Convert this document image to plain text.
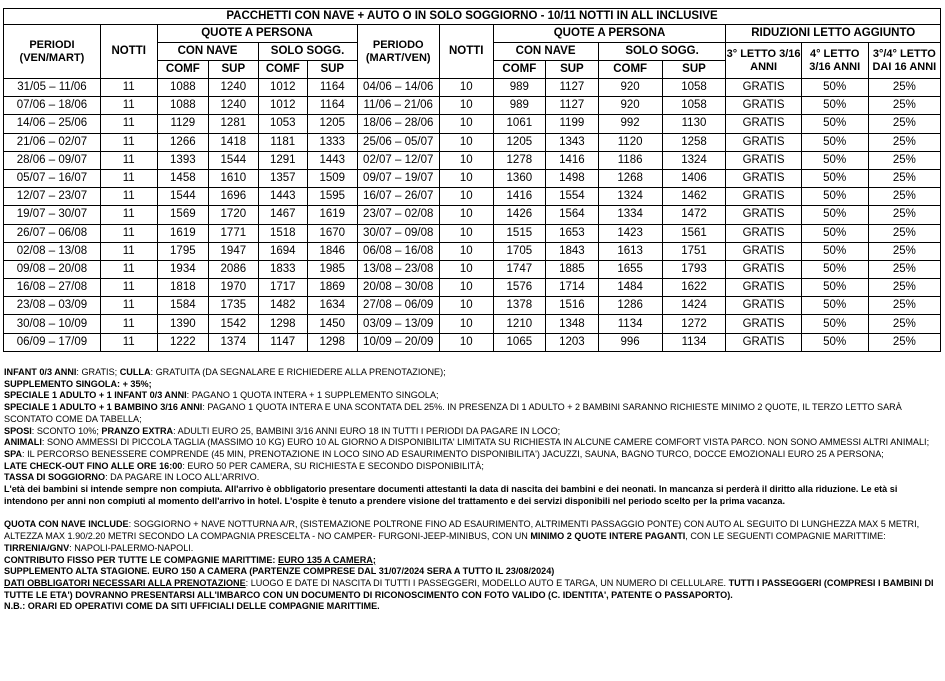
PACCHETTI CON NAVE + AUTO O IN SOLO SOGGIORNO - 10/11 NOTTI IN ALL INCLUSIVE														
PERIODI (VEN/MART)	NOTTI	QUOTE A PERSONA				PERIODO (MART/VEN)	NOTTI	QUOTE A PERSONA				RIDUZIONI LETTO AGGIUNTO		
		CON NAVE		SOLO SOGG.				CON NAVE		SOLO SOGG.		3° LETTO 3/16 ANNI	4° LETTO 3/16 ANNI	3°/4° LETTO DAI 16 ANNI
		COMF	SUP	COMF	SUP			COMF	SUP	COMF	SUP			
31/05 – 11/06	11	1088	1240	1012	1164	04/06 – 14/06	10	989	1127	920	1058	GRATIS	50%	25%
07/06 – 18/06	11	1088	1240	1012	1164	11/06 – 21/06	10	989	1127	920	1058	GRATIS	50%	25%
14/06 – 25/06	11	1129	1281	1053	1205	18/06 – 28/06	10	1061	1199	992	1130	GRATIS	50%	25%
21/06 – 02/07	11	1266	1418	1181	1333	25/06 – 05/07	10	1205	1343	1120	1258	GRATIS	50%	25%
28/06 – 09/07	11	1393	1544	1291	1443	02/07 – 12/07	10	1278	1416	1186	1324	GRATIS	50%	25%
05/07 – 16/07	11	1458	1610	1357	1509	09/07 – 19/07	10	1360	1498	1268	1406	GRATIS	50%	25%
12/07 – 23/07	11	1544	1696	1443	1595	16/07 – 26/07	10	1416	1554	1324	1462	GRATIS	50%	25%
19/07 – 30/07	11	1569	1720	1467	1619	23/07 – 02/08	10	1426	1564	1334	1472	GRATIS	50%	25%
26/07 – 06/08	11	1619	1771	1518	1670	30/07 – 09/08	10	1515	1653	1423	1561	GRATIS	50%	25%
02/08 – 13/08	11	1795	1947	1694	1846	06/08 – 16/08	10	1705	1843	1613	1751	GRATIS	50%	25%
09/08 – 20/08	11	1934	2086	1833	1985	13/08 – 23/08	10	1747	1885	1655	1793	GRATIS	50%	25%
16/08 – 27/08	11	1818	1970	1717	1869	20/08 – 30/08	10	1576	1714	1484	1622	GRATIS	50%	25%
23/08 – 03/09	11	1584	1735	1482	1634	27/08 – 06/09	10	1378	1516	1286	1424	GRATIS	50%	25%
30/08 – 10/09	11	1390	1542	1298	1450	03/09 – 13/09	10	1210	1348	1134	1272	GRATIS	50%	25%
06/09 – 17/09	11	1222	1374	1147	1298	10/09 – 20/09	10	1065	1203	996	1134	GRATIS	50%	25%

INFANT 0/3 ANNI: GRATIS; CULLA: GRATUITA (DA SEGNALARE E RICHIEDERE ALLA PRENOTAZIONE);

SUPPLEMENTO SINGOLA: + 35%;

SPECIALE 1 ADULTO + 1 INFANT 0/3 ANNI: PAGANO 1 QUOTA INTERA + 1 SUPPLEMENTO SINGOLA;

SPECIALE 1 ADULTO + 1 BAMBINO 3/16 ANNI: PAGANO 1 QUOTA INTERA E UNA SCONTATA DEL 25%. IN PRESENZA DI 1 ADULTO + 2 BAMBINI SARANNO RICHIESTE MINIMO 2 QUOTE, IL TERZO LETTO SARÀ SCONTATO COME DA TABELLA;

SPOSI: SCONTO 10%; PRANZO EXTRA: ADULTI EURO 25, BAMBINI 3/16 ANNI EURO 18 IN TUTTI I PERIODI DA PAGARE IN LOCO;

ANIMALI: SONO AMMESSI DI PICCOLA TAGLIA (MASSIMO 10 KG) EURO 10 AL GIORNO A DISPONIBILITA' LIMITATA SU RICHIESTA IN ALCUNE CAMERE COMFORT VISTA PARCO. NON SONO AMMESSI ALTRI ANIMALI;

SPA: IL PERCORSO BENESSERE COMPRENDE (45 MIN, PRENOTAZIONE IN LOCO SINO AD ESAURIMENTO DISPONIBILITA') JACUZZI, SAUNA, BAGNO TURCO, DOCCE EMOZIONALI EURO 25 A PERSONA;

LATE CHECK-OUT FINO ALLE ORE 16:00: EURO 50 PER CAMERA, SU RICHIESTA E SECONDO DISPONIBILITÀ;

TASSA DI SOGGIORNO: DA PAGARE IN LOCO ALL'ARRIVO.

L'età dei bambini si intende sempre non compiuta. All'arrivo è obbligatorio presentare documenti attestanti la data di nascita dei bambini e dei neonati. In mancanza si perderà il diritto alla riduzione. Le età si intendono per anni non compiuti al momento dell'arrivo in hotel. L'ospite è tenuto a prendere visione del trattamento e dei servizi disponibili nel periodo scelto per la prima vacanza.

QUOTA CON NAVE INCLUDE: SOGGIORNO + NAVE NOTTURNA A/R, (SISTEMAZIONE POLTRONE FINO AD ESAURIMENTO, ALTRIMENTI PASSAGGIO PONTE) CON AUTO AL SEGUITO DI LUNGHEZZA MAX 5 METRI, ALTEZZA MAX 1.90/2.20 METRI SECONDO LA COMPAGNIA PRESCELTA - NO CAMPER- FURGONI-JEEP-MINIBUS, CON UN MINIMO 2 QUOTE INTERE PAGANTI, CON LE SEGUENTI COMPAGNIE MARITTIME: TIRRENIA/GNV: NAPOLI-PALERMO-NAPOLI.

CONTRIBUTO FISSO PER TUTTE LE COMPAGNIE MARITTIME: EURO 135 A CAMERA;

SUPPLEMENTO ALTA STAGIONE. EURO 150 A CAMERA (PARTENZE COMPRESE DAL 31/07/2024 SERA A TUTTO IL 23/08/2024)

DATI OBBLIGATORI NECESSARI ALLA PRENOTAZIONE: LUOGO E DATE DI NASCITA DI TUTTI I PASSEGGERI, MODELLO AUTO E TARGA, UN NUMERO DI CELLULARE. TUTTI I PASSEGGERI (COMPRESI I BAMBINI DI TUTTE LE ETA') DOVRANNO PRESENTARSI ALL'IMBARCO CON UN DOCUMENTO DI RICONOSCIMENTO CON FOTO VALIDO (C. IDENTITA', PATENTE O PASSAPORTO).

N.B.: ORARI ED OPERATIVI COME DA SITI UFFICIALI DELLE COMPAGNIE MARITTIME.
